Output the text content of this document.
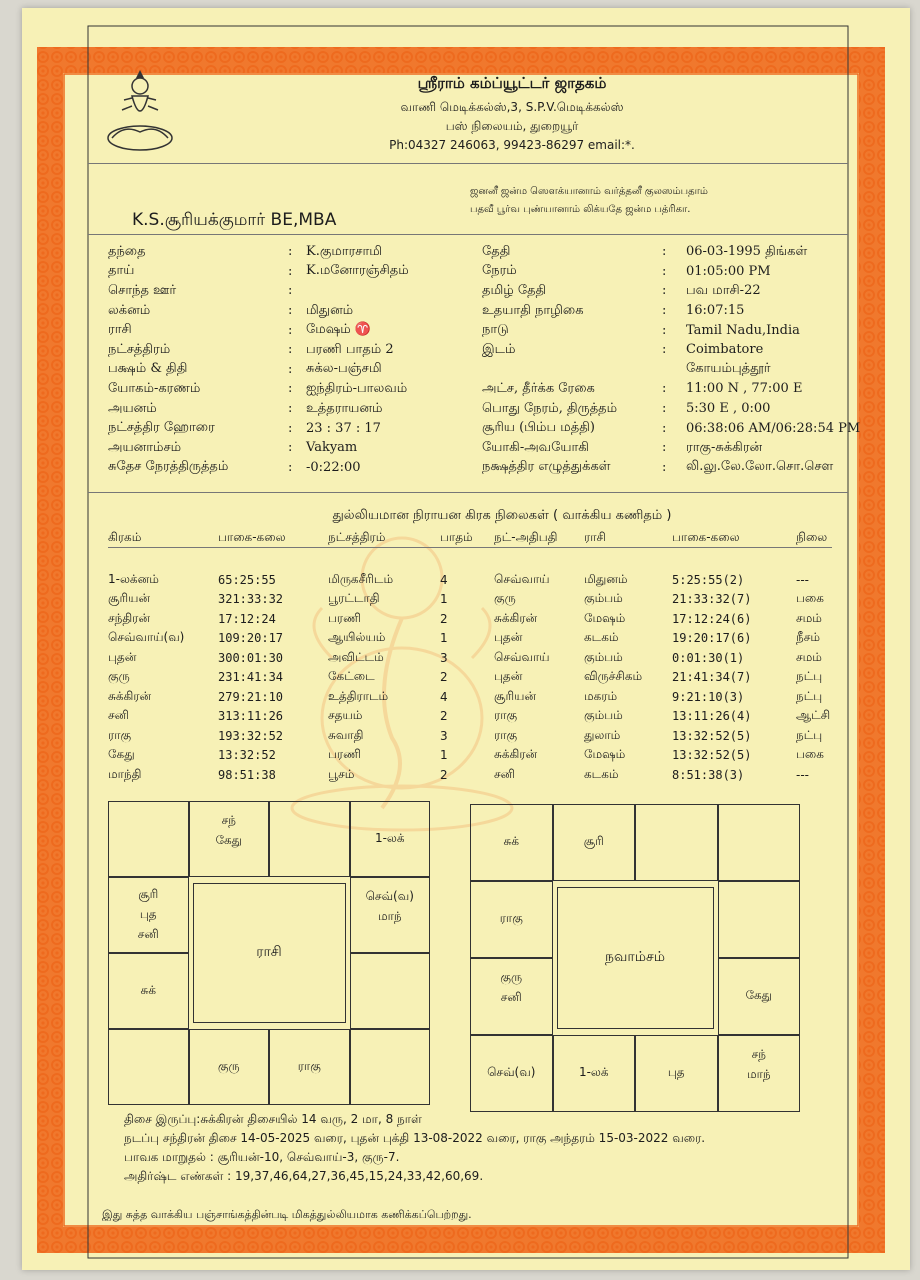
ஸ்ரீராம் கம்ப்யூட்டர் ஜாதகம்
வாணி மெடிக்கல்ஸ்,3, S.P.V.மெடிக்கல்ஸ்
பஸ் நிலையம், துறையூர்
Ph:04327 246063, 99423-86297 email:*.
K.S.சூரியக்குமார் BE,MBA
ஜனனீ ஜன்ம ஸௌக்யானாம் வர்த்தனீ குலஸம்பதாம்
பதவீ பூர்வ புண்யானாம் லிக்யதே ஜன்ம பத்ரிகா.
தந்தை	:	K.குமாரசாமி
தாய்	:	K.மனோரஞ்சிதம்
சொந்த ஊர்	:	
லக்னம்	:	மிதுனம்
ராசி	:	மேஷம் ♈
நட்சத்திரம்	:	பரணி பாதம் 2
பக்ஷம் & திதி	:	சுக்ல-பஞ்சமி
யோகம்-கரணம்	:	ஐந்திரம்-பாலவம்
அயனம்	:	உத்தராயனம்
நட்சத்திர ஹோரை	:	23 : 37 : 17
அயனாம்சம்	:	Vakyam
சுதேச நேரத்திருத்தம்	:	-0:22:00
தேதி	:	06-03-1995 திங்கள்
நேரம்	:	01:05:00 PM
தமிழ் தேதி	:	பவ மாசி-22
உதயாதி நாழிகை	:	16:07:15
நாடு	:	Tamil Nadu,India
இடம்	:	Coimbatore
		கோயம்புத்தூர்
அட்ச, தீர்க்க ரேகை	:	11:00 N , 77:00 E
பொது நேரம், திருத்தம்	:	5:30 E , 0:00
சூரிய (பிம்ப மத்தி)	:	06:38:06 AM/06:28:54 PM
யோகி-அவயோகி	:	ராகு-சுக்கிரன்
நக்ஷத்திர எழுத்துக்கள்	:	லி.லு.லே.லோ.சொ.சௌ
துல்லியமான நிராயன கிரக நிலைகள் ( வாக்கிய கணிதம் )
கிரகம்	பாகை-கலை	நட்சத்திரம்	பாதம்	நட்-அதிபதி	ராசி	பாகை-கலை	நிலை

1-லக்னம்	65:25:55	மிருகசீரிடம்	4	செவ்வாய்	மிதுனம்	5:25:55(2)	---
சூரியன்	321:33:32	பூரட்டாதி	1	குரு	கும்பம்	21:33:32(7)	பகை
சந்திரன்	17:12:24	பரணி	2	சுக்கிரன்	மேஷம்	17:12:24(6)	சமம்
செவ்வாய்(வ)	109:20:17	ஆயில்யம்	1	புதன்	கடகம்	19:20:17(6)	நீசம்
புதன்	300:01:30	அவிட்டம்	3	செவ்வாய்	கும்பம்	0:01:30(1)	சமம்
குரு	231:41:34	கேட்டை	2	புதன்	விருச்சிகம்	21:41:34(7)	நட்பு
சுக்கிரன்	279:21:10	உத்திராடம்	4	சூரியன்	மகரம்	9:21:10(3)	நட்பு
சனி	313:11:26	சதயம்	2	ராகு	கும்பம்	13:11:26(4)	ஆட்சி
ராகு	193:32:52	சுவாதி	3	ராகு	துலாம்	13:32:52(5)	நட்பு
கேது	13:32:52	பரணி	1	சுக்கிரன்	மேஷம்	13:32:52(5)	பகை
மாந்தி	98:51:38	பூசம்	2	சனி	கடகம்	8:51:38(3)	---
சந்
கேது	1-லக்
சூரி
புத
சனி
செவ்(வ)
மாந்
சுக்
குரு	ராகு
ராசி
சுக்	சூரி
ராகு
குரு
சனி	கேது
செவ்(வ)	1-லக்	புத
சந்
மாந்
நவாம்சம்
திசை இருப்பு:சுக்கிரன் திசையில் 14 வரு, 2 மா, 8 நாள்
நடப்பு சந்திரன் திசை 14-05-2025 வரை, புதன் புக்தி 13-08-2022 வரை, ராகு அந்தரம் 15-03-2022 வரை.
பாவக மாறுதல் : சூரியன்-10, செவ்வாய்-3, குரு-7.
அதிர்ஷ்ட எண்கள் : 19,37,46,64,27,36,45,15,24,33,42,60,69.
இது சுத்த வாக்கிய பஞ்சாங்கத்தின்படி மிகத்துல்லியமாக கணிக்கப்பெற்றது.
